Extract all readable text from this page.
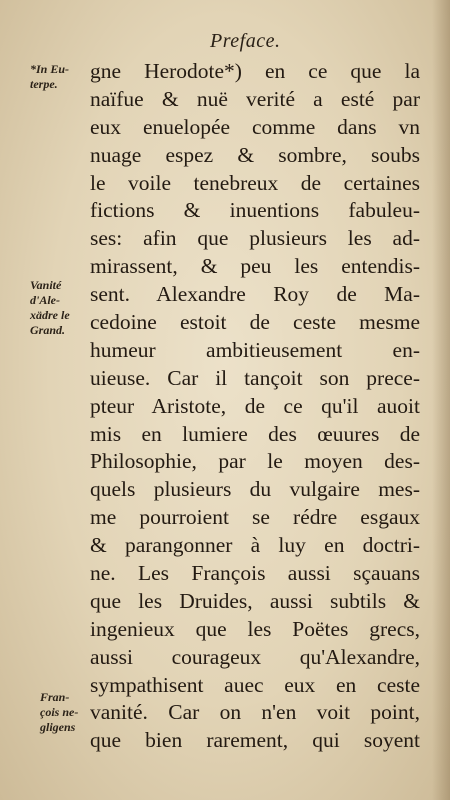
Preface.
*In Eu-
terpe.
Vanité
d'Ale-
xädre le
Grand.
Fran-
çois ne-
gligens
gne Herodote*) en ce que la
naïfue & nuë verité a esté par
eux enuelopée comme dans vn
nuage espez & sombre, soubs
le voile tenebreux de certaines
fictions & inuentions fabuleu-
ses: afin que plusieurs les ad-
mirassent, & peu les entendis-
sent. Alexandre Roy de Ma-
cedoine estoit de ceste mesme
humeur ambitieusement en-
uieuse. Car il tançoit son prece-
pteur Aristote, de ce qu'il auoit
mis en lumiere des œuures de
Philosophie, par le moyen des-
quels plusieurs du vulgaire mes-
me pourroient se rédre esgaux
& parangonner à luy en doctri-
ne. Les François aussi sçauans
que les Druides, aussi subtils &
ingenieux que les Poëtes grecs,
aussi courageux qu'Alexandre,
sympathisent auec eux en ceste
vanité. Car on n'en voit point,
que bien rarement, qui soyent
